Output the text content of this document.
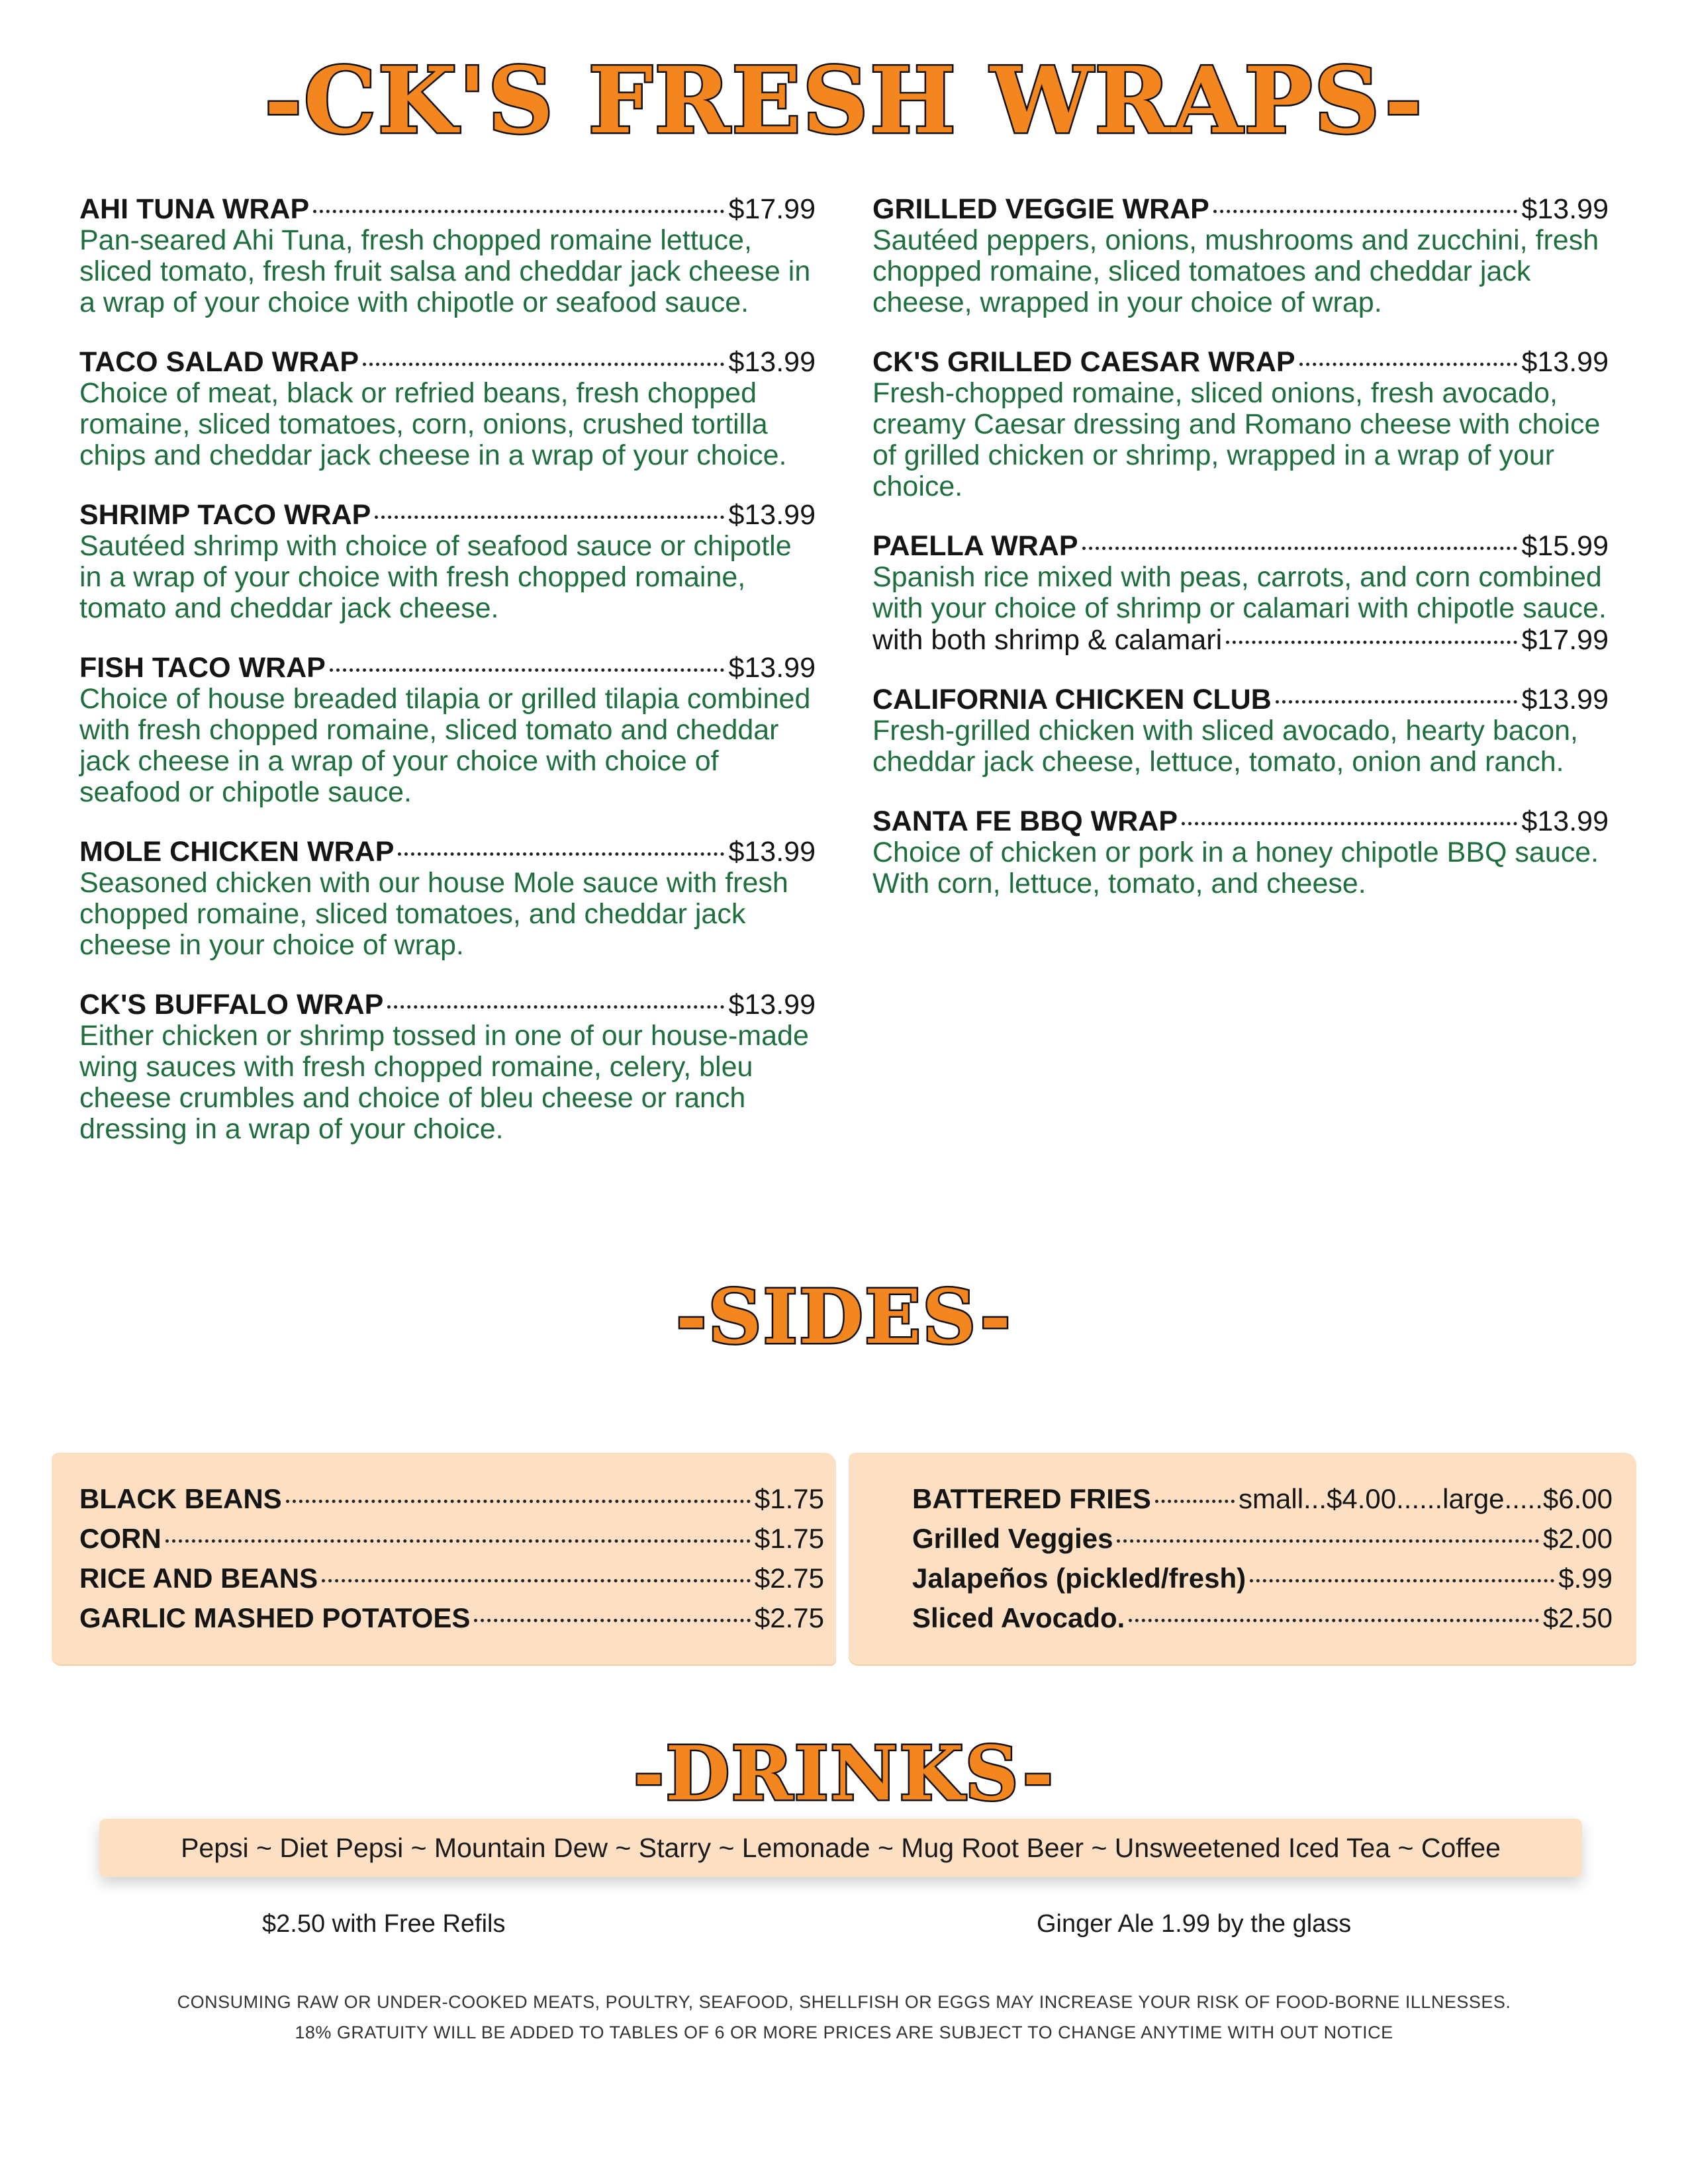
-CK'S FRESH WRAPS-
AHI TUNA WRAP	$17.99
Pan-seared Ahi Tuna, fresh chopped romaine lettuce, sliced tomato, fresh fruit salsa and cheddar jack cheese in a wrap of your choice with chipotle or seafood sauce.
TACO SALAD WRAP	$13.99
Choice of meat, black or refried beans, fresh chopped romaine, sliced tomatoes, corn, onions, crushed tortilla chips and cheddar jack cheese in a wrap of your choice.
SHRIMP TACO WRAP	$13.99
Sautéed shrimp with choice of seafood sauce or chipotle in a wrap of your choice with fresh chopped romaine, tomato and cheddar jack cheese.
FISH TACO WRAP	$13.99
Choice of house breaded tilapia or grilled tilapia combined with fresh chopped romaine, sliced tomato and cheddar jack cheese in a wrap of your choice with choice of seafood or chipotle sauce.
MOLE CHICKEN WRAP	$13.99
Seasoned chicken with our house Mole sauce with fresh chopped romaine, sliced tomatoes, and cheddar jack cheese in your choice of wrap.
CK'S BUFFALO WRAP	$13.99
Either chicken or shrimp tossed in one of our house-made wing sauces with fresh chopped romaine, celery, bleu cheese crumbles and choice of bleu cheese or ranch dressing in a wrap of your choice.
GRILLED VEGGIE WRAP	$13.99
Sautéed peppers, onions, mushrooms and zucchini, fresh chopped romaine, sliced tomatoes and cheddar jack cheese, wrapped in your choice of wrap.
CK'S GRILLED CAESAR WRAP	$13.99
Fresh-chopped romaine, sliced onions, fresh avocado, creamy Caesar dressing and Romano cheese with choice of grilled chicken or shrimp, wrapped in a wrap of your choice.
PAELLA WRAP	$15.99
Spanish rice mixed with peas, carrots, and corn combined with your choice of shrimp or calamari with chipotle sauce.
with both shrimp & calamari	$17.99
CALIFORNIA CHICKEN CLUB	$13.99
Fresh-grilled chicken with sliced avocado, hearty bacon, cheddar jack cheese, lettuce, tomato, onion and ranch.
SANTA FE BBQ WRAP	$13.99
Choice of chicken or pork in a honey chipotle BBQ sauce. With corn, lettuce, tomato, and cheese.
-SIDES-
BLACK BEANS	$1.75
CORN	$1.75
RICE AND BEANS	$2.75
GARLIC MASHED POTATOES	$2.75
BATTERED FRIES	small...$4.00......large.....$6.00
Grilled Veggies	$2.00
Jalapeños (pickled/fresh)	$.99
Sliced Avocado.	$2.50
-DRINKS-
Pepsi ~ Diet Pepsi ~ Mountain Dew ~ Starry ~ Lemonade ~ Mug Root Beer ~ Unsweetened Iced Tea ~ Coffee
$2.50 with Free Refils	Ginger Ale 1.99 by the glass
CONSUMING RAW OR UNDER-COOKED MEATS, POULTRY, SEAFOOD, SHELLFISH OR EGGS MAY INCREASE YOUR RISK OF FOOD-BORNE ILLNESSES.
18% GRATUITY WILL BE ADDED TO TABLES OF 6 OR MORE PRICES ARE SUBJECT TO CHANGE ANYTIME WITH OUT NOTICE
